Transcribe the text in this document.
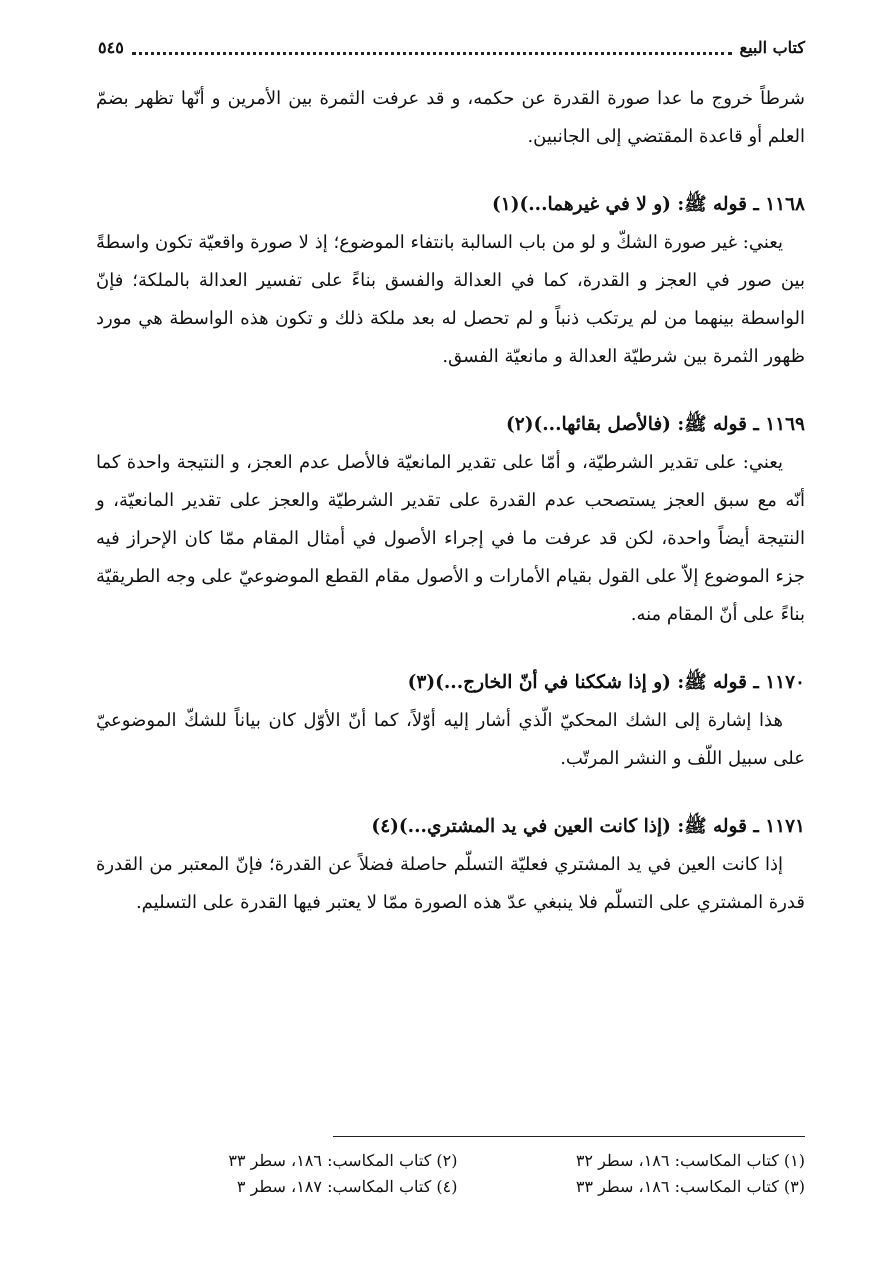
كتاب البيع
٥٤٥

شرطاً خروج ما عدا صورة القدرة عن حكمه، و قد عرفت الثمرة بين الأمرين و أنّها تظهر بضمّ العلم أو قاعدة المقتضي إلى الجانبين.

١١٦٨ ـ قوله ﷺ: (و لا في غيرهما...)(١)

يعني: غير صورة الشكّ و لو من باب السالبة بانتفاء الموضوع؛ إذ لا صورة واقعيّة تكون واسطةً بين صور في العجز و القدرة، كما في العدالة والفسق بناءً على تفسير العدالة بالملكة؛ فإنّ الواسطة بينهما من لم يرتكب ذنباً و لم تحصل له بعد ملكة ذلك و تكون هذه الواسطة هي مورد ظهور الثمرة بين شرطيّة العدالة و مانعيّة الفسق.

١١٦٩ ـ قوله ﷺ: (فالأصل بقائها...)(٢)

يعني: على تقدير الشرطيّة، و أمّا على تقدير المانعيّة فالأصل عدم العجز، و النتيجة واحدة كما أنّه مع سبق العجز يستصحب عدم القدرة على تقدير الشرطيّة والعجز على تقدير المانعيّة، و النتيجة أيضاً واحدة، لكن قد عرفت ما في إجراء الأصول في أمثال المقام ممّا كان الإحراز فيه جزء الموضوع إلاّ على القول بقيام الأمارات و الأصول مقام القطع الموضوعيّ على وجه الطريقيّة بناءً على أنّ المقام منه.

١١٧٠ ـ قوله ﷺ: (و إذا شككنا في أنّ الخارج...)(٣)

هذا إشارة إلى الشك المحكيّ الّذي أشار إليه أوّلاً، كما أنّ الأوّل كان بياناً للشكّ الموضوعيّ على سبيل اللّف و النشر المرتّب.

١١٧١ ـ قوله ﷺ: (إذا كانت العين في يد المشتري...)(٤)

إذا كانت العين في يد المشتري فعليّة التسلّم حاصلة فضلاً عن القدرة؛ فإنّ المعتبر من القدرة قدرة المشتري على التسلّم فلا ينبغي عدّ هذه الصورة ممّا لا يعتبر فيها القدرة على التسليم.

(١) كتاب المكاسب: ١٨٦، سطر ٣٢
(٢) كتاب المكاسب: ١٨٦، سطر ٣٣
(٣) كتاب المكاسب: ١٨٦، سطر ٣٣
(٤) كتاب المكاسب: ١٨٧، سطر ٣
